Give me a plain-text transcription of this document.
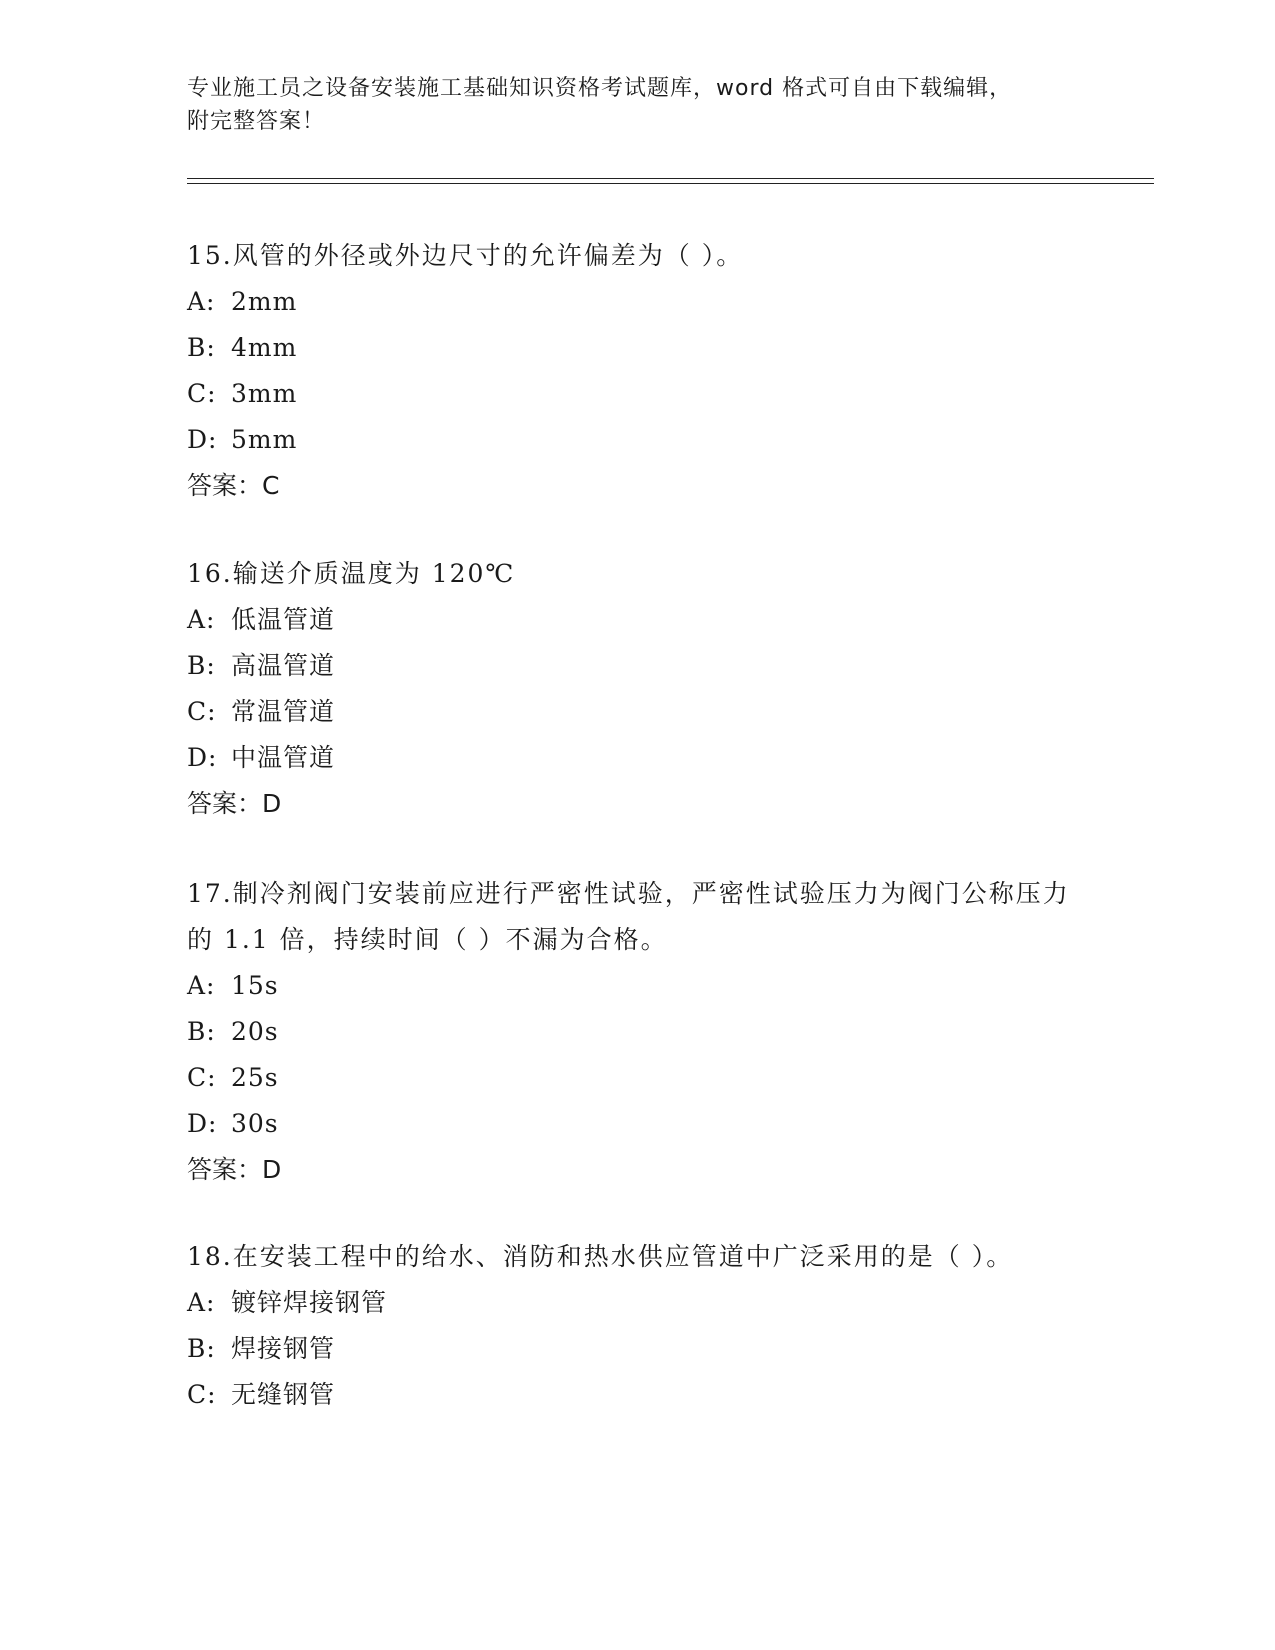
专业施工员之设备安装施工基础知识资格考试题库，word 格式可自由下载编辑，
附完整答案！

15.风管的外径或外边尺寸的允许偏差为（ ）。

A: 2mm
B: 4mm
C: 3mm
D: 5mm
答案：C

16.输送介质温度为 120℃

A: 低温管道
B: 高温管道
C: 常温管道
D: 中温管道
答案：D

17.制冷剂阀门安装前应进行严密性试验，严密性试验压力为阀门公称压力的 1.1 倍，持续时间（ ）不漏为合格。

A: 15s
B: 20s
C: 25s
D: 30s
答案：D

18.在安装工程中的给水、消防和热水供应管道中广泛采用的是（ ）。

A: 镀锌焊接钢管
B: 焊接钢管
C: 无缝钢管
